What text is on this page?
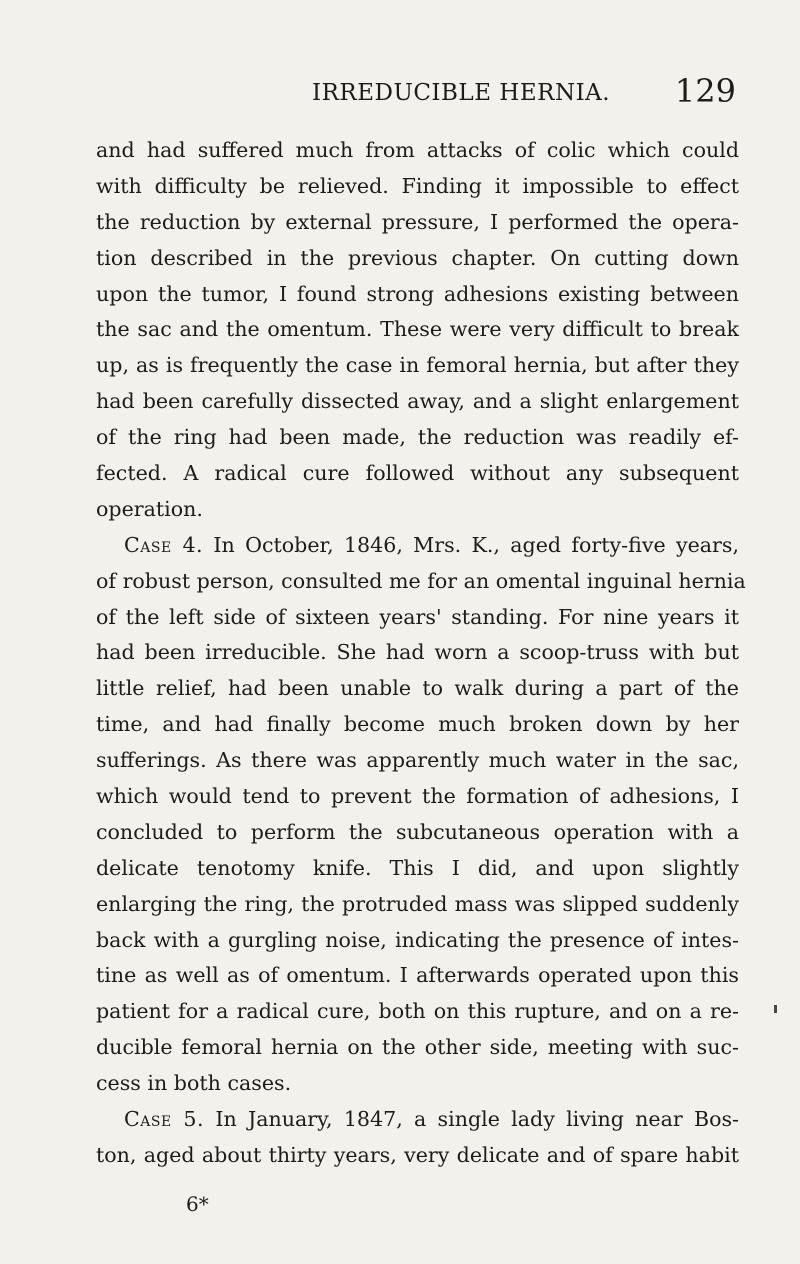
IRREDUCIBLE HERNIA. 129
and had suffered much from attacks of colic which could
with difficulty be relieved. Finding it impossible to effect
the reduction by external pressure, I performed the opera-
tion described in the previous chapter. On cutting down
upon the tumor, I found strong adhesions existing between
the sac and the omentum. These were very difficult to break
up, as is frequently the case in femoral hernia, but after they
had been carefully dissected away, and a slight enlargement
of the ring had been made, the reduction was readily ef-
fected. A radical cure followed without any subsequent
operation.
Case 4. In October, 1846, Mrs. K., aged forty-five years,
of robust person, consulted me for an omental inguinal hernia
of the left side of sixteen years' standing. For nine years it
had been irreducible. She had worn a scoop-truss with but
little relief, had been unable to walk during a part of the
time, and had finally become much broken down by her
sufferings. As there was apparently much water in the sac,
which would tend to prevent the formation of adhesions, I
concluded to perform the subcutaneous operation with a
delicate tenotomy knife. This I did, and upon slightly
enlarging the ring, the protruded mass was slipped suddenly
back with a gurgling noise, indicating the presence of intes-
tine as well as of omentum. I afterwards operated upon this
patient for a radical cure, both on this rupture, and on a re-
ducible femoral hernia on the other side, meeting with suc-
cess in both cases.
Case 5. In January, 1847, a single lady living near Bos-
ton, aged about thirty years, very delicate and of spare habit
6*
